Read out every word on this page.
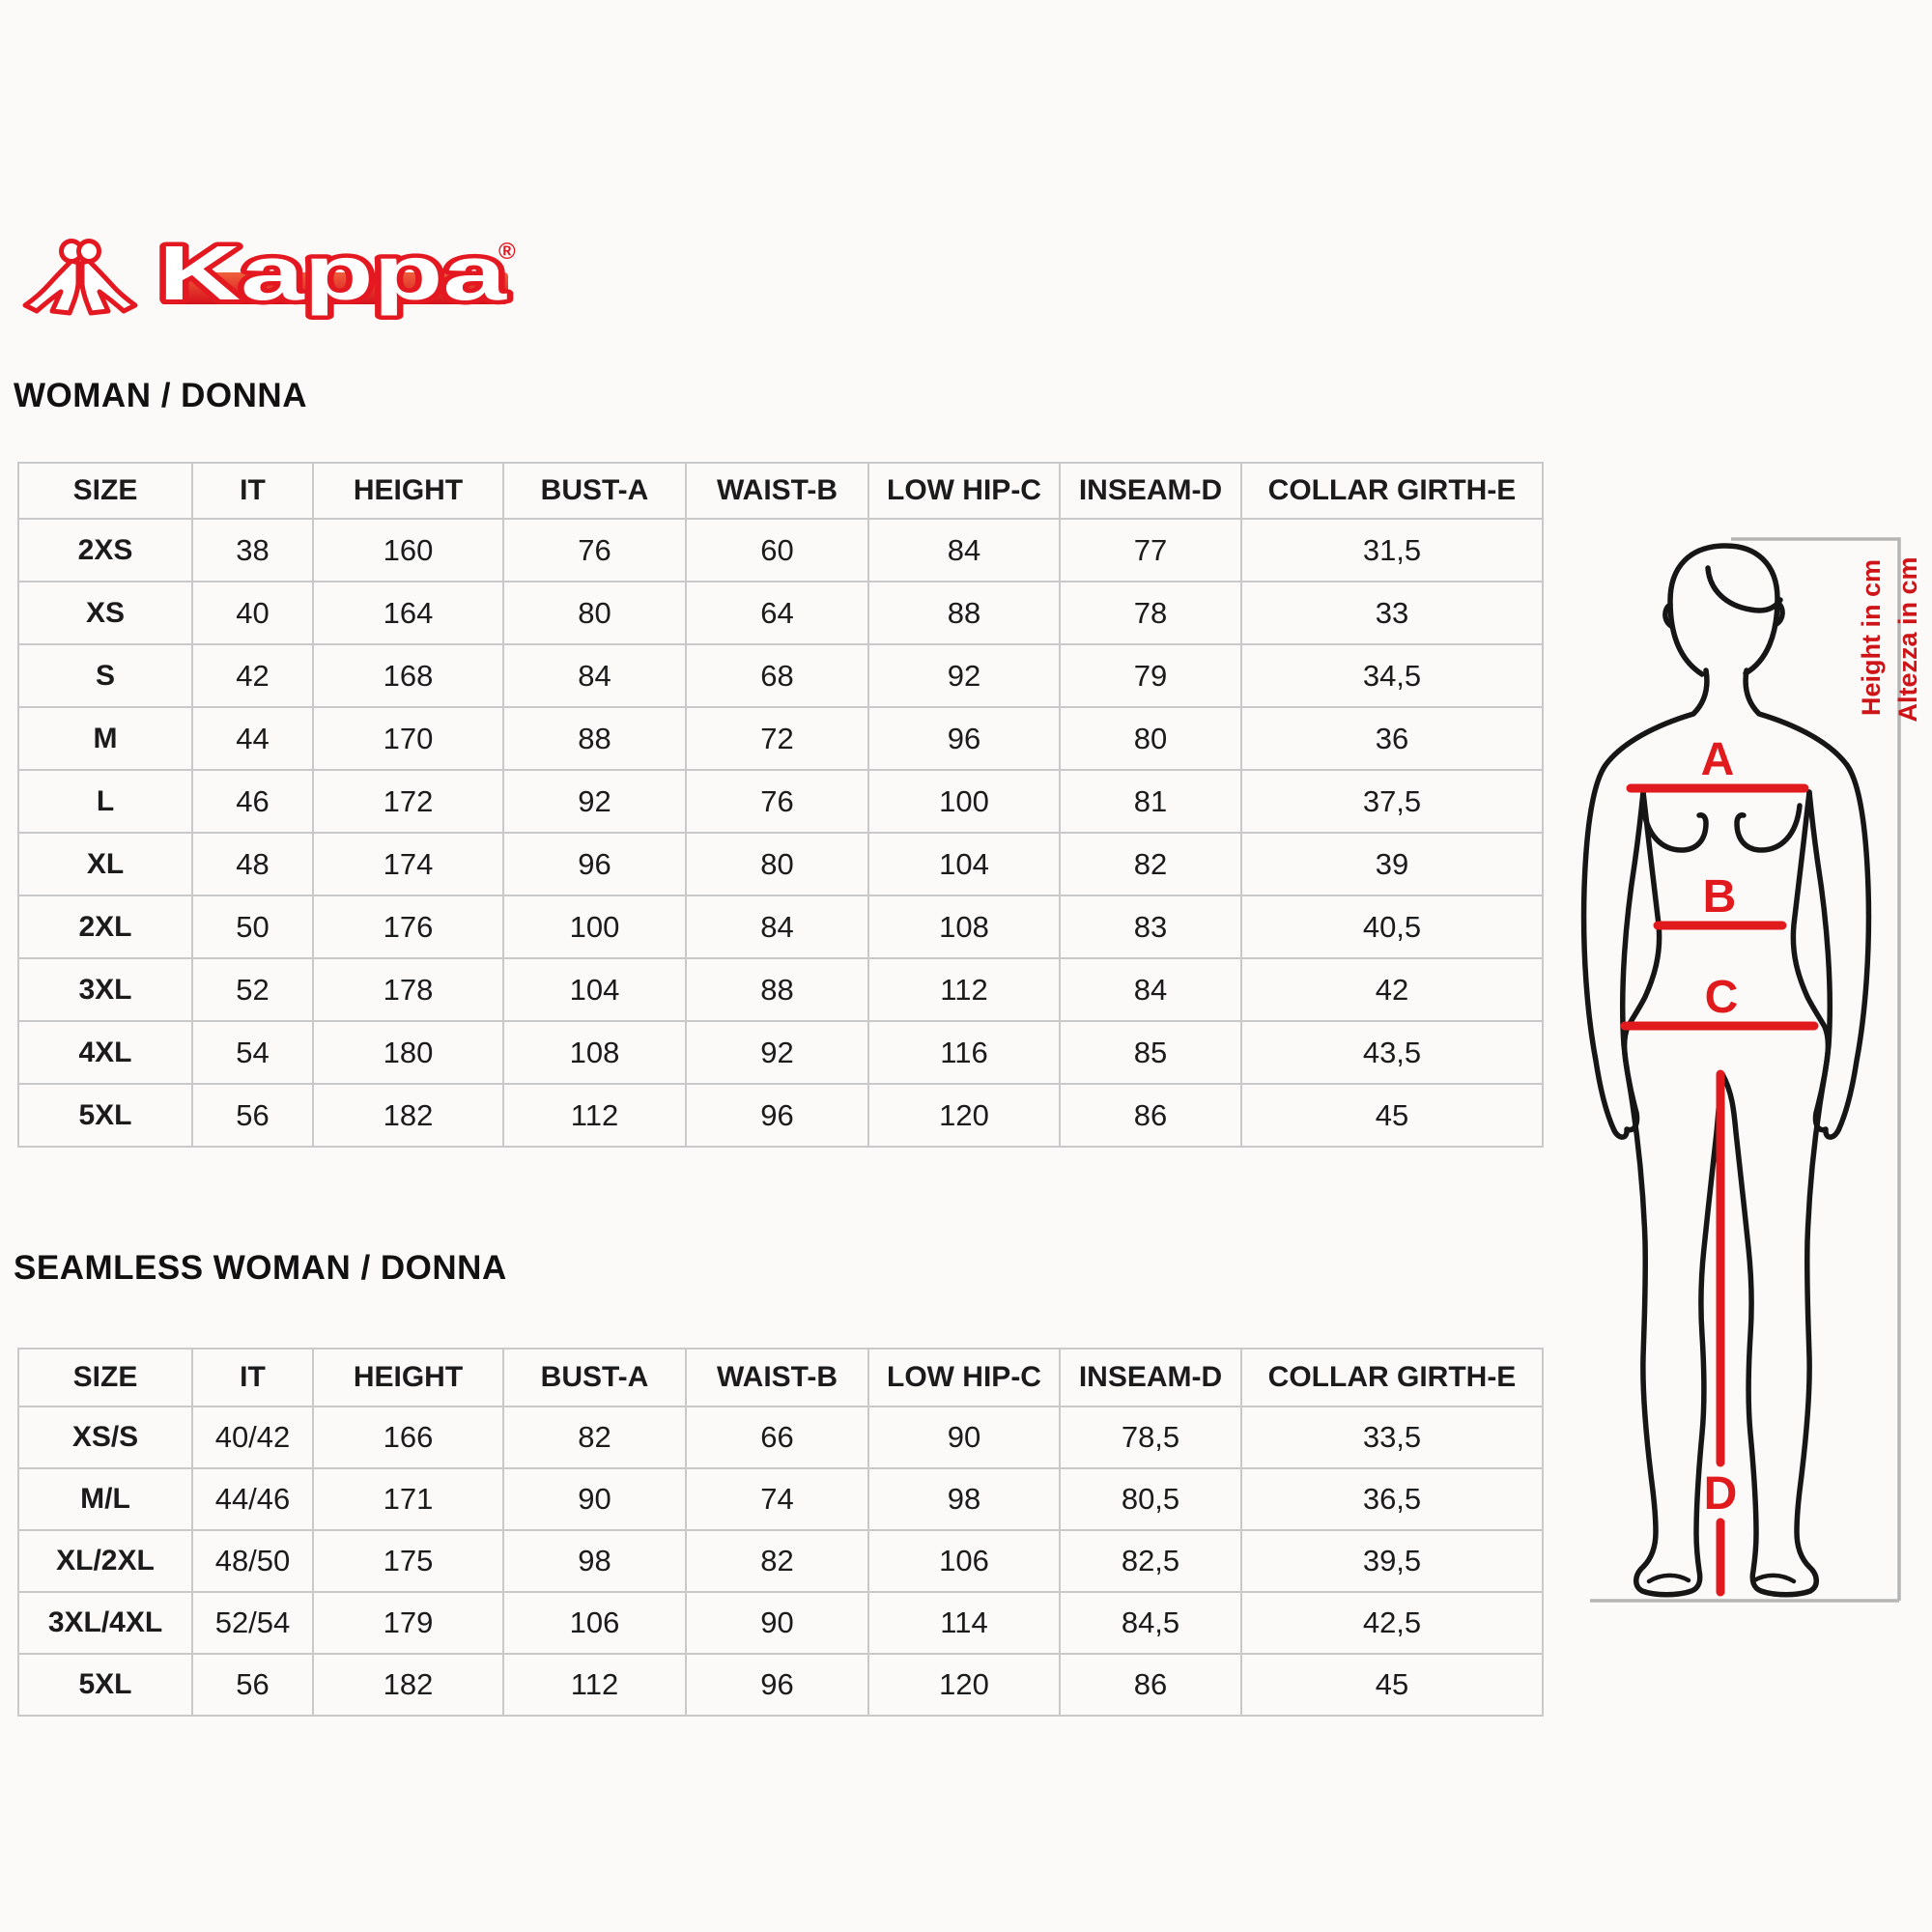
Kappa
®
WOMAN / DONNA
SIZE	IT	HEIGHT	BUST-A	WAIST-B	LOW HIP-C	INSEAM-D	COLLAR GIRTH-E
2XS	38	160	76	60	84	77	31,5
XS	40	164	80	64	88	78	33
S	42	168	84	68	92	79	34,5
M	44	170	88	72	96	80	36
L	46	172	92	76	100	81	37,5
XL	48	174	96	80	104	82	39
2XL	50	176	100	84	108	83	40,5
3XL	52	178	104	88	112	84	42
4XL	54	180	108	92	116	85	43,5
5XL	56	182	112	96	120	86	45
SEAMLESS WOMAN / DONNA
SIZE	IT	HEIGHT	BUST-A	WAIST-B	LOW HIP-C	INSEAM-D	COLLAR GIRTH-E
XS/S	40/42	166	82	66	90	78,5	33,5
M/L	44/46	171	90	74	98	80,5	36,5
XL/2XL	48/50	175	98	82	106	82,5	39,5
3XL/4XL	52/54	179	106	90	114	84,5	42,5
5XL	56	182	112	96	120	86	45
Height in cm Altezza in cm
A
B
C
D
